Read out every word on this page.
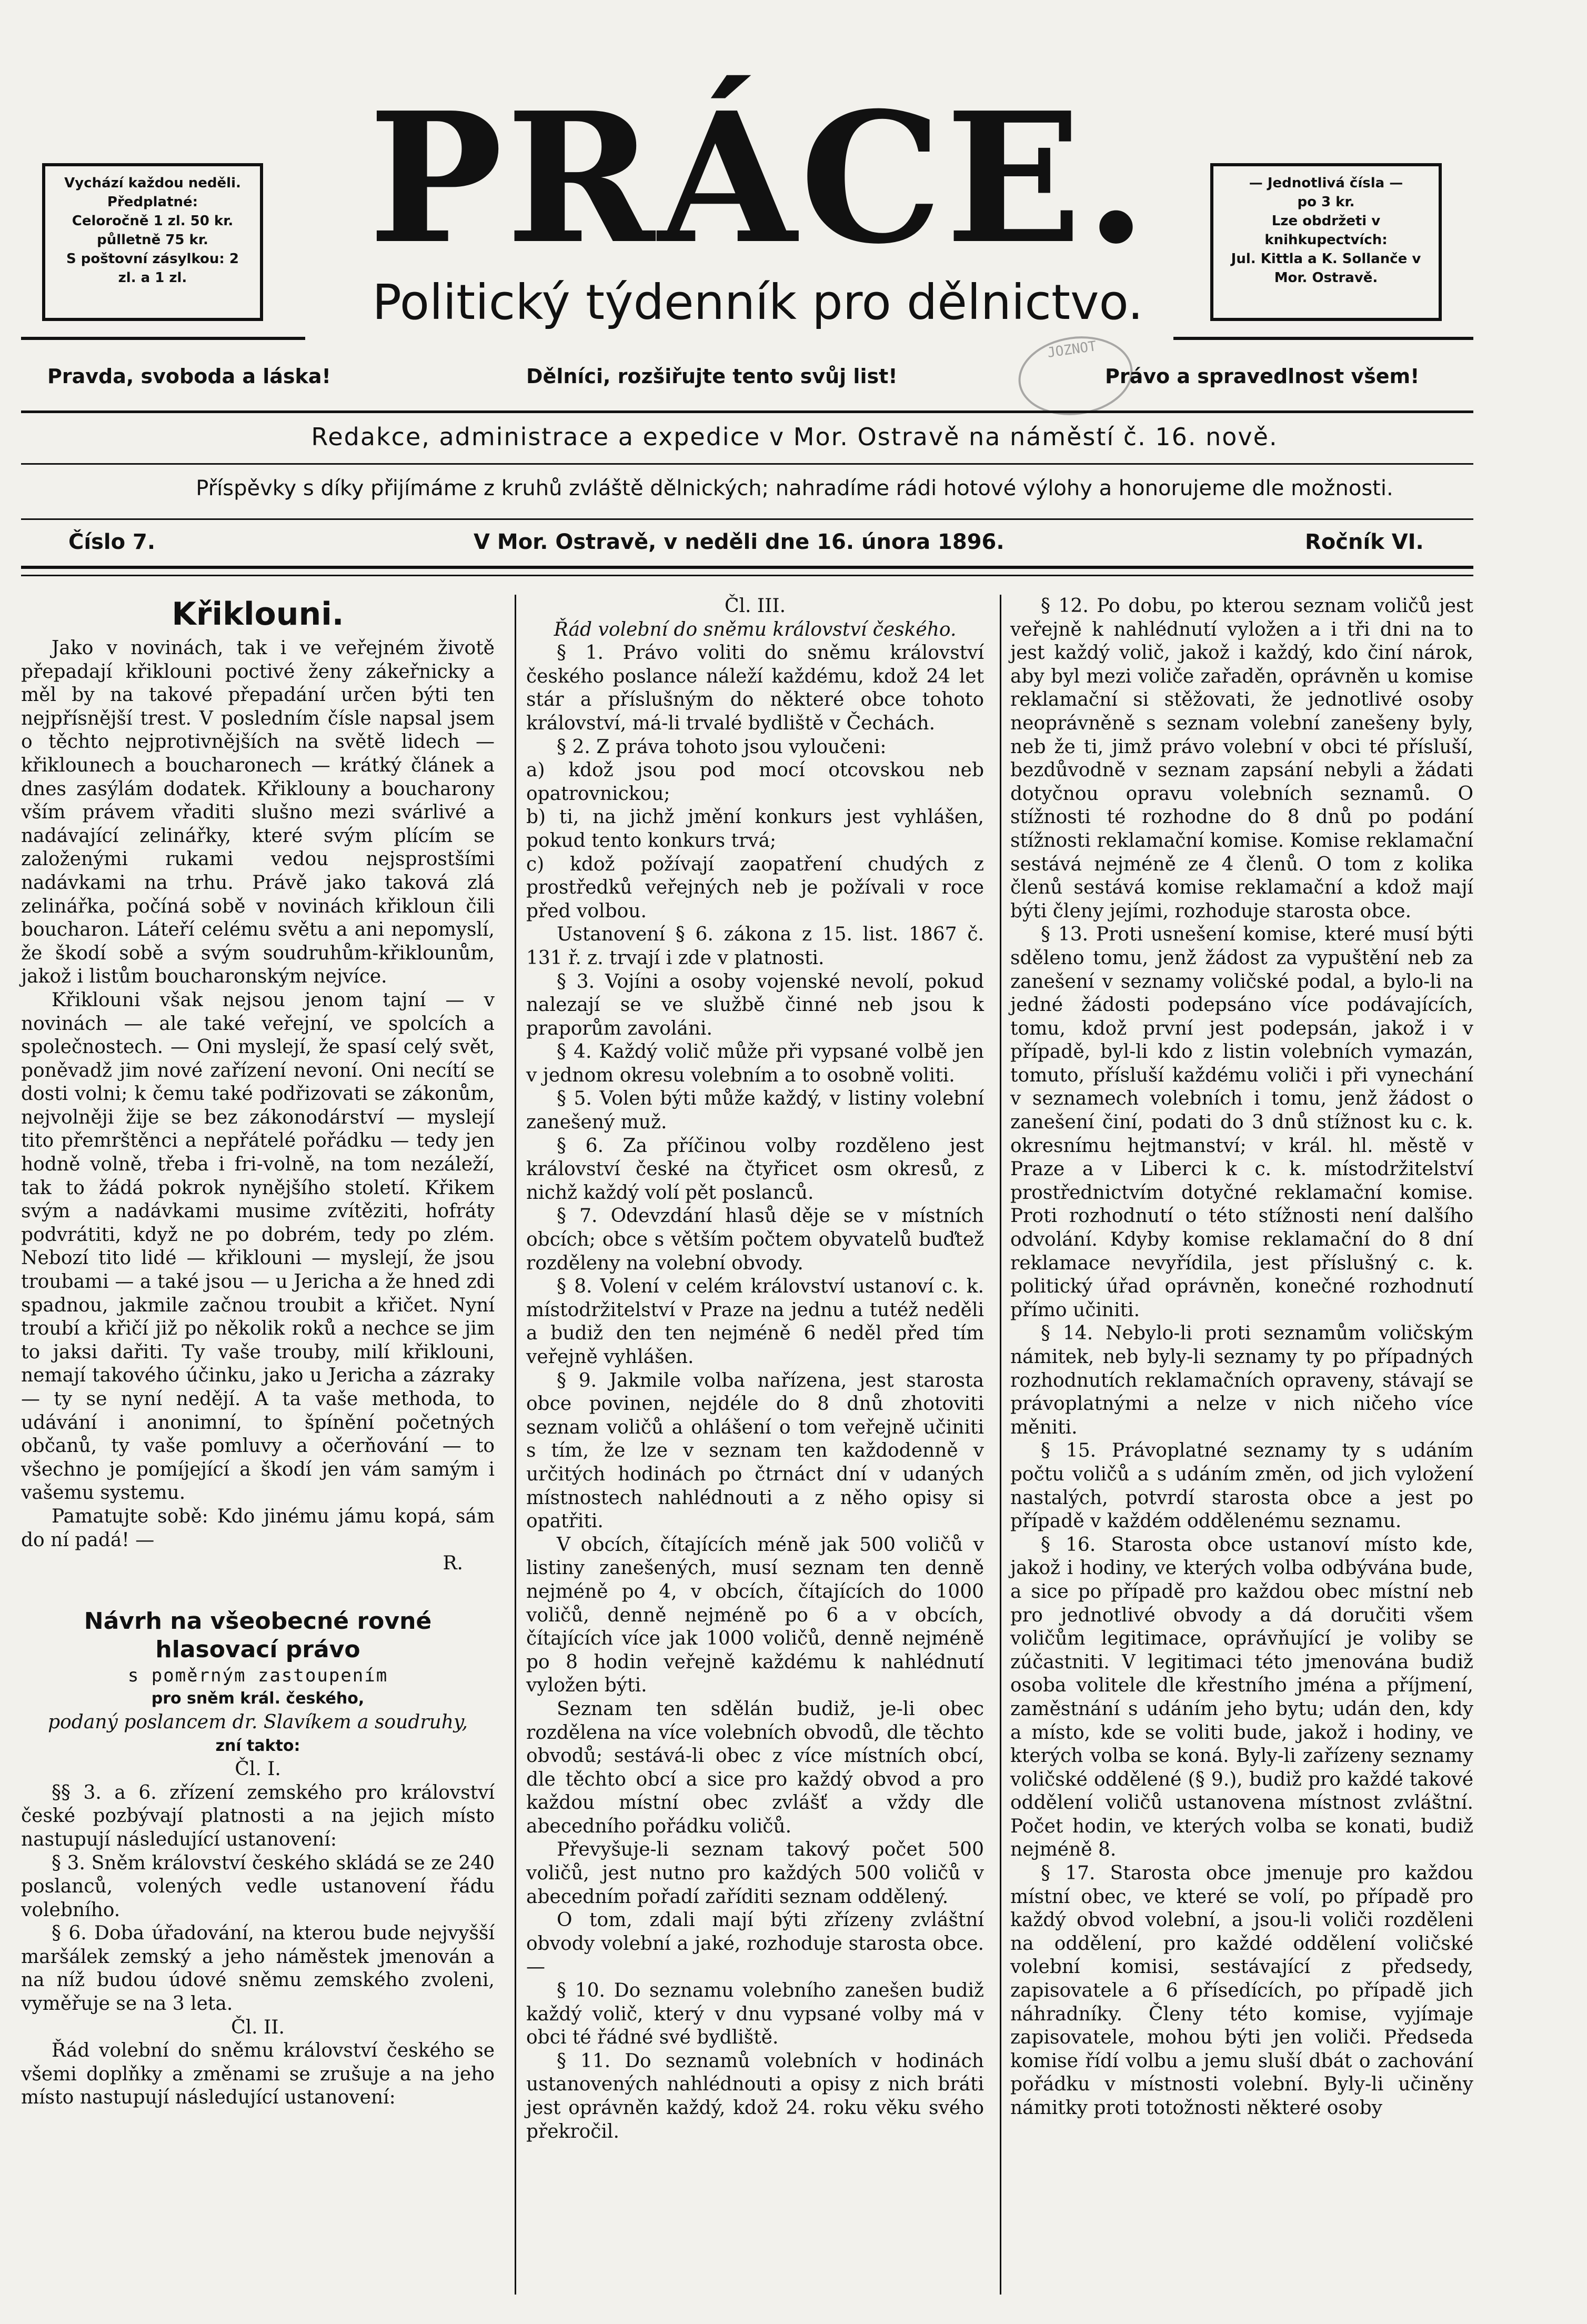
Vychází každou neděli.

Předplatné:

Celoročně 1 zl. 50 kr. půlletně 75 kr.

S poštovní zásylkou: 2 zl. a 1 zl.

— Jednotlivá čísla —

po 3 kr.

Lze obdržeti v knihkupectvích:

Jul. Kittla a K. Sollanče v Mor. Ostravě.

PRÁCE.
Politický týdenník pro dělnictvo.
JOZNOT
Pravda, svoboda a láska!	Dělníci, rozšiřujte tento svůj list!	Právo a spravedlnost všem!
Redakce, administrace a expedice v Mor. Ostravě na náměstí č. 16. nově.
Příspěvky s díky přijímáme z kruhů zvláště dělnických; nahradíme rádi hotové výlohy a honorujeme dle možnosti.
Číslo 7.	V Mor. Ostravě, v neděli dne 16. února 1896.	Ročník VI.
Křiklouni.

Jako v novinách, tak i ve veřejném životě přepadají křiklouni poctivé ženy zákeřnicky a měl by na takové přepadání určen býti ten nejpřísnější trest. V posledním čísle napsal jsem o těchto nejprotivnějších na světě lidech — křiklounech a boucharonech — krátký článek a dnes zasýlám dodatek. Křiklouny a boucharony vším právem vřaditi slušno mezi svárlivé a nadávající zelinářky, které svým plícím se založenými rukami vedou nejsprostšími nadávkami na trhu. Právě jako taková zlá zelinářka, počíná sobě v novinách křikloun čili boucharon. Láteří celému světu a ani nepomyslí, že škodí sobě a svým soudruhům-křiklounům, jakož i listům boucharonským nejvíce.

Křiklouni však nejsou jenom tajní — v novinách — ale také veřejní, ve spolcích a společnostech. — Oni myslejí, že spasí celý svět, poněvadž jim nové zařízení nevoní. Oni necítí se dosti volni; k čemu také podřizovati se zákonům, nejvolněji žije se bez zákonodárství — myslejí tito přemrštěnci a nepřátelé pořádku — tedy jen hodně volně, třeba i fri-volně, na tom nezáleží, tak to žádá pokrok nynějšího století. Křikem svým a nadávkami musime zvítěziti, hofráty podvrátiti, když ne po dobrém, tedy po zlém. Nebozí tito lidé — křiklouni — myslejí, že jsou troubami — a také jsou — u Jericha a že hned zdi spadnou, jakmile začnou troubit a křičet. Nyní troubí a křičí již po několik roků a nechce se jim to jaksi dařiti. Ty vaše trouby, milí křiklouni, nemají takového účinku, jako u Jericha a zázraky — ty se nyní nedějí. A ta vaše methoda, to udávání i anonimní, to špínění početných občanů, ty vaše pomluvy a očerňování — to všechno je pomíjející a škodí jen vám samým i vašemu systemu.

Pamatujte sobě: Kdo jinému jámu kopá, sám do ní padá! —

R.

Návrh na všeobecné rovné hlasovací právo

s poměrným zastoupením

pro sněm král. českého,

podaný poslancem dr. Slavíkem a soudruhy,

zní takto:

Čl. I.

§§ 3. a 6. zřízení zemského pro království české pozbývají platnosti a na jejich místo nastupují následující ustanovení:

§ 3. Sněm království českého skládá se ze 240 poslanců, volených vedle ustanovení řádu volebního.

§ 6. Doba úřadování, na kterou bude nejvyšší maršálek zemský a jeho náměstek jmenován a na níž budou údové sněmu zemského zvoleni, vyměřuje se na 3 leta.

Čl. II.

Řád volební do sněmu království českého se všemi doplňky a změnami se zrušuje a na jeho místo nastupují následující ustanovení:

Čl. III.

Řád volební do sněmu království českého.

§ 1. Právo voliti do sněmu království českého poslance náleží každému, kdož 24 let stár a příslušným do některé obce tohoto království, má-li trvalé bydliště v Čechách.

§ 2. Z práva tohoto jsou vyloučeni:

a) kdož jsou pod mocí otcovskou neb opatrovnickou;

b) ti, na jichž jmění konkurs jest vyhlášen, pokud tento konkurs trvá;

c) kdož požívají zaopatření chudých z prostředků veřejných neb je požívali v roce před volbou.

Ustanovení § 6. zákona z 15. list. 1867 č. 131 ř. z. trvají i zde v platnosti.

§ 3. Vojíni a osoby vojenské nevolí, pokud nalezají se ve službě činné neb jsou k praporům zavoláni.

§ 4. Každý volič může při vypsané volbě jen v jednom okresu volebním a to osobně voliti.

§ 5. Volen býti může každý, v listiny volební zanešený muž.

§ 6. Za příčinou volby rozděleno jest království české na čtyřicet osm okresů, z nichž každý volí pět poslanců.

§ 7. Odevzdání hlasů děje se v místních obcích; obce s větším počtem obyvatelů buďtež rozděleny na volební obvody.

§ 8. Volení v celém království ustanoví c. k. místodržitelství v Praze na jednu a tutéž neděli a budiž den ten nejméně 6 neděl před tím veřejně vyhlášen.

§ 9. Jakmile volba nařízena, jest starosta obce povinen, nejdéle do 8 dnů zhotoviti seznam voličů a ohlášení o tom veřejně učiniti s tím, že lze v seznam ten každodenně v určitých hodinách po čtrnáct dní v udaných místnostech nahlédnouti a z něho opisy si opatřiti.

V obcích, čítajících méně jak 500 voličů v listiny zanešených, musí seznam ten denně nejméně po 4, v obcích, čítajících do 1000 voličů, denně nejméně po 6 a v obcích, čítajících více jak 1000 voličů, denně nejméně po 8 hodin veřejně každému k nahlédnutí vyložen býti.

Seznam ten sdělán budiž, je-li obec rozdělena na více volebních obvodů, dle těchto obvodů; sestává-li obec z více místních obcí, dle těchto obcí a sice pro každý obvod a pro každou místní obec zvlášť a vždy dle abecedního pořádku voličů.

Převyšuje-li seznam takový počet 500 voličů, jest nutno pro každých 500 voličů v abecedním pořadí zaříditi seznam oddělený.

O tom, zdali mají býti zřízeny zvláštní obvody volební a jaké, rozhoduje starosta obce. —

§ 10. Do seznamu volebního zanešen budiž každý volič, který v dnu vypsané volby má v obci té řádné své bydliště.

§ 11. Do seznamů volebních v hodinách ustanovených nahlédnouti a opisy z nich bráti jest oprávněn každý, kdož 24. roku věku svého překročil.

§ 12. Po dobu, po kterou seznam voličů jest veřejně k nahlédnutí vyložen a i tři dni na to jest každý volič, jakož i každý, kdo činí nárok, aby byl mezi voliče zařaděn, oprávněn u komise reklamační si stěžovati, že jednotlivé osoby neoprávněně s seznam volební zanešeny byly, neb že ti, jimž právo volební v obci té přísluší, bezdůvodně v seznam zapsání nebyli a žádati dotyčnou opravu volebních seznamů. O stížnosti té rozhodne do 8 dnů po podání stížnosti reklamační komise. Komise reklamační sestává nejméně ze 4 členů. O tom z kolika členů sestává komise reklamační a kdož mají býti členy jejími, rozhoduje starosta obce.

§ 13. Proti usnešení komise, které musí býti sděleno tomu, jenž žádost za vypuštění neb za zanešení v seznamy voličské podal, a bylo-li na jedné žádosti podepsáno více podávajících, tomu, kdož první jest podepsán, jakož i v případě, byl-li kdo z listin volebních vymazán, tomuto, přísluší každému voliči i při vynechání v seznamech volebních i tomu, jenž žádost o zanešení činí, podati do 3 dnů stížnost ku c. k. okresnímu hejtmanství; v král. hl. městě v Praze a v Liberci k c. k. místodržitelství prostřednictvím dotyčné reklamační komise. Proti rozhodnutí o této stížnosti není dalšího odvolání. Kdyby komise reklamační do 8 dní reklamace nevyřídila, jest příslušný c. k. politický úřad oprávněn, konečné rozhodnutí přímo učiniti.

§ 14. Nebylo-li proti seznamům voličským námitek, neb byly-li seznamy ty po případných rozhodnutích reklamačních opraveny, stávají se právoplatnými a nelze v nich ničeho více měniti.

§ 15. Právoplatné seznamy ty s udáním počtu voličů a s udáním změn, od jich vyložení nastalých, potvrdí starosta obce a jest po případě v každém oddělenému seznamu.

§ 16. Starosta obce ustanoví místo kde, jakož i hodiny, ve kterých volba odbývána bude, a sice po případě pro každou obec místní neb pro jednotlivé obvody a dá doručiti všem voličům legitimace, oprávňující je voliby se zúčastniti. V legitimaci této jmenována budiž osoba volitele dle křestního jména a příjmení, zaměstnání s udáním jeho bytu; udán den, kdy a místo, kde se voliti bude, jakož i hodiny, ve kterých volba se koná. Byly-li zařízeny seznamy voličské oddělené (§ 9.), budiž pro každé takové oddělení voličů ustanovena místnost zvláštní. Počet hodin, ve kterých volba se konati, budiž nejméně 8.

§ 17. Starosta obce jmenuje pro každou místní obec, ve které se volí, po případě pro každý obvod volební, a jsou-li voliči rozděleni na oddělení, pro každé oddělení voličské volební komisi, sestávající z předsedy, zapisovatele a 6 přísedících, po případě jich náhradníky. Členy této komise, vyjímaje zapisovatele, mohou býti jen voliči. Předseda komise řídí volbu a jemu sluší dbát o zachování pořádku v místnosti volební. Byly-li učiněny námitky proti totožnosti některé osoby
